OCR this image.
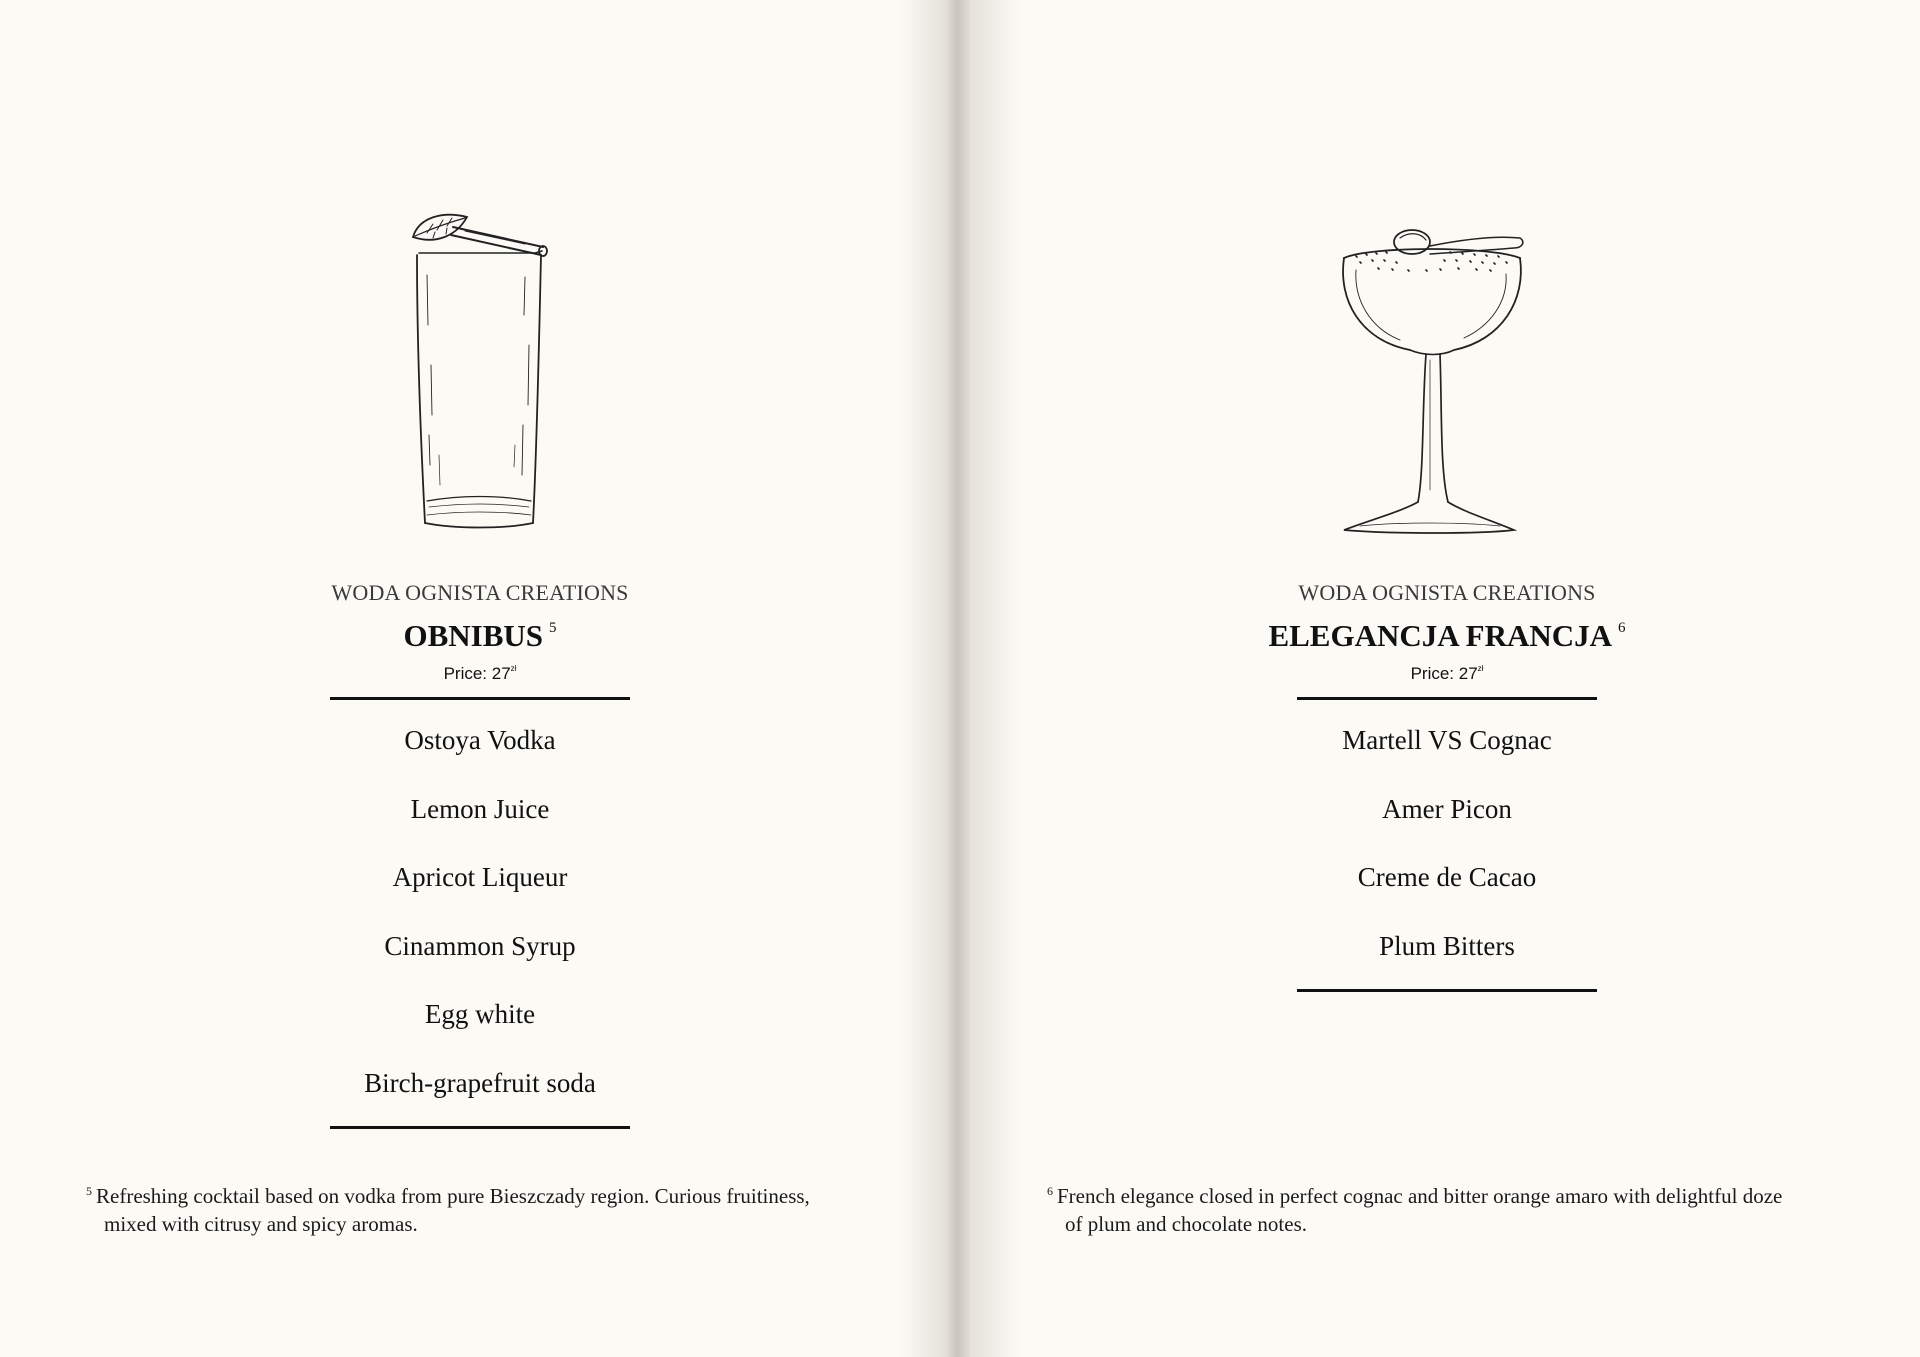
WODA OGNISTA CREATIONS
OBNIBUS $^5$
Price: $27^{zł}$
Ostoya Vodka
Lemon Juice
Apricot Liqueur
Cinammon Syrup
Egg white
Birch-grapefruit soda
$^5$ Refreshing cocktail based on vodka from pure Bieszczady region. Curious fruitiness,
mixed with citrusy and spicy aromas.
WODA OGNISTA CREATIONS
ELEGANCJA FRANCJA $^6$
Price: $27^{zł}$
Martell VS Cognac
Amer Picon
Creme de Cacao
Plum Bitters
$^6$ French elegance closed in perfect cognac and bitter orange amaro with delightful doze
of plum and chocolate notes.
